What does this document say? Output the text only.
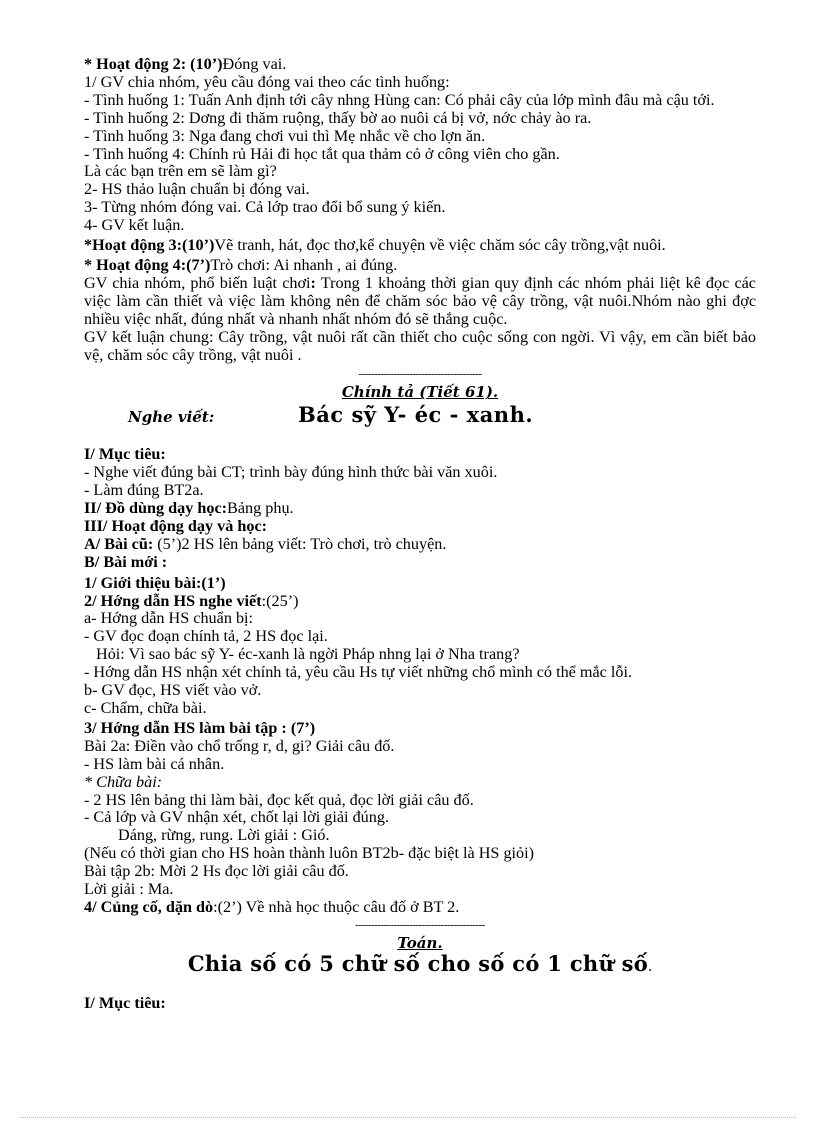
* Hoạt động 2: (10’)Đóng vai.

1/ GV chia nhóm, yêu cầu đóng vai theo các tình huống:

- Tình huống 1: Tuấn Anh định tới cây nhng Hùng can: Có phải cây của lớp mình đâu mà cậu tới.

- Tình huống 2: Dơng đi thăm ruộng, thấy bờ ao nuôi cá bị vở, nớc chảy ào ra.

- Tình huống 3: Nga đang chơi vui thì Mẹ nhắc về cho lợn ăn.

- Tình huống 4: Chính rủ Hải đi học tắt qua thảm cỏ ở công viên cho gần.

Là các bạn trên em sẽ làm gì?

2- HS thảo luận chuẩn bị đóng vai.

3- Từng nhóm đóng vai. Cả lớp trao đổi bổ sung ý kiến.

4- GV kết luận.

*Hoạt động 3:(10’)Vẽ tranh, hát, đọc thơ,kể chuyện về việc chăm sóc cây trồng,vật nuôi.

* Hoạt động 4:(7’)Trò chơi: Ai nhanh , ai đúng.

GV chia nhóm, phổ biến luật chơi: Trong 1 khoảng thời gian quy định các nhóm phải liệt kê đọc các việc làm cần thiết và việc làm không nên để chăm sóc bảo vệ cây trồng, vật nuôi.Nhóm nào ghi đợc nhiều việc nhất, đúng nhất và nhanh nhất nhóm đó sẽ thắng cuộc.

GV kết luận chung: Cây trồng, vật nuôi rất cần thiết cho cuộc sống con ngời. Vì vậy, em cần biết bảo vệ, chăm sóc cây trồng, vật nuôi .

---------------------------------------

Chính tả (Tiết 61).

Nghe viết:	Bác sỹ Y- éc - xanh.

I/ Mục tiêu:

- Nghe viết đúng bài CT; trình bày đúng hình thức bài văn xuôi.

- Làm đúng BT2a.

II/ Đồ dùng dạy học:Bảng phụ.

III/ Hoạt động dạy và học:

A/ Bài cũ: (5’)2 HS lên bảng viết: Trò chơi, trò chuyện.

B/ Bài mới :

1/ Giới thiệu bài:(1’)

2/ Hớng dẫn HS nghe viết:(25’)

a- Hớng dẫn HS chuẩn bị:

- GV đọc đoạn chính tả, 2 HS đọc lại.

Hỏi: Vì sao bác sỹ Y- éc-xanh là ngời Pháp nhng lại ở Nha trang?

- Hớng dẫn HS nhận xét chính tả, yêu cầu Hs tự viết những chổ mình có thể mắc lỗi.

b- GV đọc, HS viết vào vở.

c- Chấm, chữa bài.

3/ Hớng dẫn HS làm bài tập : (7’)

Bài 2a: Điền vào chổ trống r, d, gi? Giải câu đố.

- HS làm bài cá nhân.

* Chữa bài:

- 2 HS lên bảng thi làm bài, đọc kết quả, đọc lời giải câu đố.

- Cả lớp và GV nhận xét, chốt lại lời giải đúng.

Dáng, rừng, rung. Lời giải : Gió.

(Nếu có thời gian cho HS hoàn thành luôn BT2b- đặc biệt là HS giỏi)

Bài tập 2b: Mời 2 Hs đọc lời giải câu đố.

Lời giải : Ma.

4/ Củng cố, dặn dò:(2’) Về nhà học thuộc câu đố ở BT 2.

-----------------------------------------

Toán.

Chia số có 5 chữ số cho số có 1 chữ số.

I/ Mục tiêu:
